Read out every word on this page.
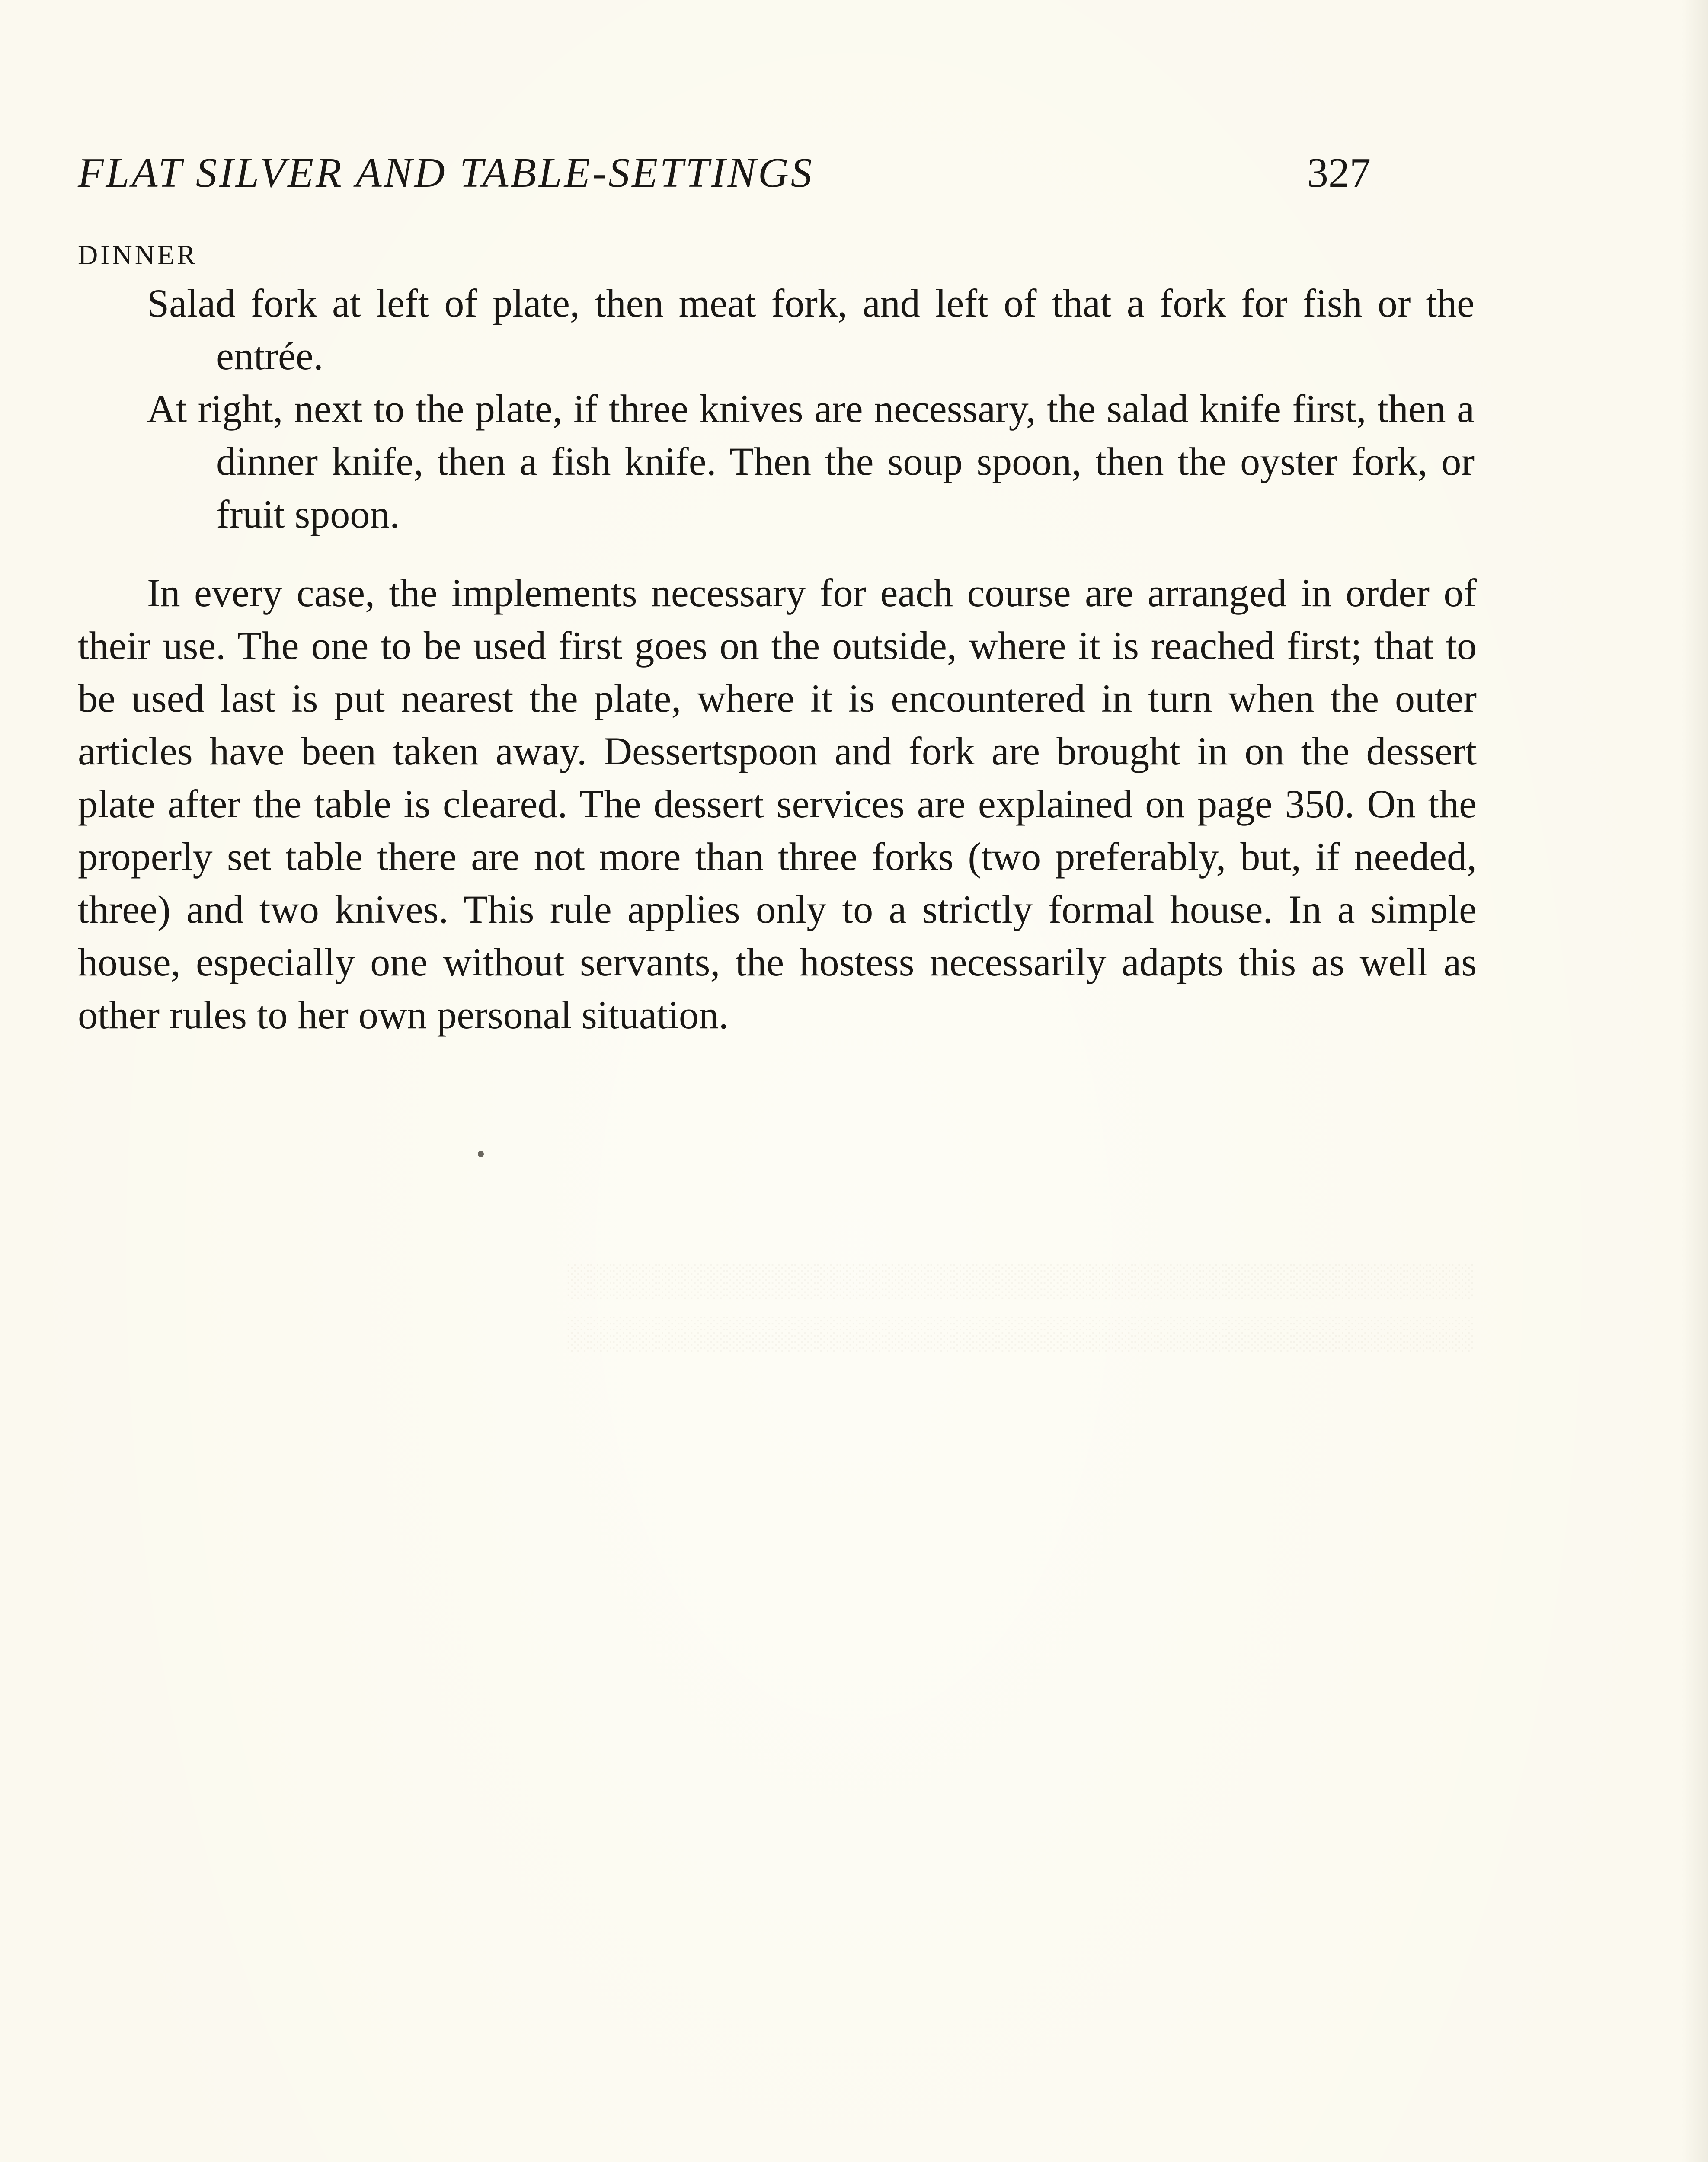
FLAT SILVER AND TABLE-SETTINGS	327
DINNER
Salad fork at left of plate, then meat fork, and left of that a fork for fish or the entrée.
At right, next to the plate, if three knives are necessary, the salad knife first, then a dinner knife, then a fish knife. Then the soup spoon, then the oyster fork, or fruit spoon.

In every case, the implements necessary for each course are arranged in order of their use. The one to be used first goes on the outside, where it is reached first; that to be used last is put nearest the plate, where it is encountered in turn when the outer articles have been taken away. Dessertspoon and fork are brought in on the dessert plate after the table is cleared. The dessert services are explained on page 350. On the properly set table there are not more than three forks (two preferably, but, if needed, three) and two knives. This rule applies only to a strictly formal house. In a simple house, especially one without servants, the hostess necessarily adapts this as well as other rules to her own personal situation.

░░░░░░░░░░░░░░░░░░░░░░░░░░░░░░░░░░░░░░░░ ░░░░░░░░░░░░░░░░░░░░░░░░░░░░░░░░░░░░░░░░
